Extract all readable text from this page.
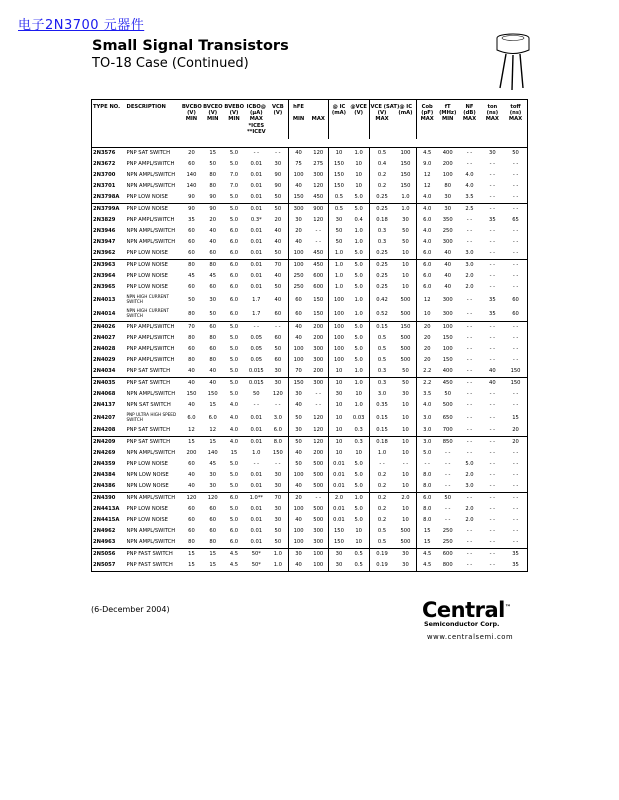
电子2N3700 元器件
Small Signal Transistors
TO-18 Case (Continued)
TYPE NO.	DESCRIPTION	BVCBO	BVCEO	BVEBO	ICBO@	VCB	hFE		@ IC	@VCE	VCE (SAT)@ IC		Cob	fT	NF	ton	toff
		(V)	(V)	(V)	(µA)	(V)			(mA)	(V)	(V)	(mA)	(pF)	(MHz)	(dB)	(ns)	(ns)
		MIN	MIN	MIN	MAX
*ICES
**ICEV		MIN	MAX			MAX		MAX	MIN	MAX	MAX	MAX

2N3576	PNP SAT SWITCH	20	15	5.0	- -	- -	40	120	10	1.0	0.5	100	4.5	400	- -	30	50
2N3672	PNP AMPL/SWITCH	60	50	5.0	0.01	30	75	275	150	10	0.4	150	9.0	200	- -	- -	- -
2N3700	NPN AMPL/SWITCH	140	80	7.0	0.01	90	100	300	150	10	0.2	150	12	100	4.0	- -	- -
2N3701	NPN AMPL/SWITCH	140	80	7.0	0.01	90	40	120	150	10	0.2	150	12	80	4.0	- -	- -
2N3798A	PNP LOW NOISE	90	90	5.0	0.01	50	150	450	0.5	5.0	0.25	1.0	4.0	30	3.5	- -	- -
2N3799A	PNP LOW NOISE	90	90	5.0	0.01	50	300	900	0.5	5.0	0.25	1.0	4.0	30	2.5	- -	- -
2N3829	PNP AMPL/SWITCH	35	20	5.0	0.3*	20	30	120	30	0.4	0.18	30	6.0	350	- -	35	65
2N3946	NPN AMPL/SWITCH	60	40	6.0	0.01	40	20	- -	50	1.0	0.3	50	4.0	250	- -	- -	- -
2N3947	NPN AMPL/SWITCH	60	40	6.0	0.01	40	40	- -	50	1.0	0.3	50	4.0	300	- -	- -	- -
2N3962	PNP LOW NOISE	60	60	6.0	0.01	50	100	450	1.0	5.0	0.25	10	6.0	40	3.0	- -	- -
2N3963	PNP LOW NOISE	80	80	6.0	0.01	70	100	450	1.0	5.0	0.25	10	6.0	40	3.0	- -	- -
2N3964	PNP LOW NOISE	45	45	6.0	0.01	40	250	600	1.0	5.0	0.25	10	6.0	40	2.0	- -	- -
2N3965	PNP LOW NOISE	60	60	6.0	0.01	50	250	600	1.0	5.0	0.25	10	6.0	40	2.0	- -	- -
2N4013	NPN HIGH CURRENT SWITCH	50	30	6.0	1.7	40	60	150	100	1.0	0.42	500	12	300	- -	35	60
2N4014	NPN HIGH CURRENT SWITCH	80	50	6.0	1.7	60	60	150	100	1.0	0.52	500	10	300	- -	35	60
2N4026	PNP AMPL/SWITCH	70	60	5.0	- -	- -	40	200	100	5.0	0.15	150	20	100	- -	- -	- -
2N4027	PNP AMPL/SWITCH	80	80	5.0	0.05	60	40	200	100	5.0	0.5	500	20	150	- -	- -	- -
2N4028	PNP AMPL/SWITCH	60	60	5.0	0.05	50	100	300	100	5.0	0.5	500	20	100	- -	- -	- -
2N4029	PNP AMPL/SWITCH	80	80	5.0	0.05	60	100	300	100	5.0	0.5	500	20	150	- -	- -	- -
2N4034	PNP SAT SWITCH	40	40	5.0	0.015	30	70	200	10	1.0	0.3	50	2.2	400	- -	40	150
2N4035	PNP SAT SWITCH	40	40	5.0	0.015	30	150	300	10	1.0	0.3	50	2.2	450	- -	40	150
2N4068	NPN AMPL/SWITCH	150	150	5.0	50	120	30	- -	30	10	3.0	30	3.5	50	- -	- -	- -
2N4137	NPN SAT SWITCH	40	15	4.0	- -	- -	40	- -	10	1.0	0.35	10	4.0	500	- -	- -	- -
2N4207	PNP ULTRA HIGH SPEED SWITCH	6.0	6.0	4.0	0.01	3.0	50	120	10	0.03	0.15	10	3.0	650	- -	- -	15
2N4208	PNP SAT SWITCH	12	12	4.0	0.01	6.0	30	120	10	0.3	0.15	10	3.0	700	- -	- -	20
2N4209	PNP SAT SWITCH	15	15	4.0	0.01	8.0	50	120	10	0.3	0.18	10	3.0	850	- -	- -	20
2N4269	NPN AMPL/SWITCH	200	140	15	1.0	150	40	200	10	10	1.0	10	5.0	- -	- -	- -	- -
2N4359	PNP LOW NOISE	60	45	5.0	- -	- -	50	500	0.01	5.0	- -	- -	- -	- -	5.0	- -	- -
2N4384	NPN LOW NOISE	40	30	5.0	0.01	30	100	500	0.01	5.0	0.2	10	8.0	- -	2.0	- -	- -
2N4386	NPN LOW NOISE	40	30	5.0	0.01	30	40	500	0.01	5.0	0.2	10	8.0	- -	3.0	- -	- -
2N4390	NPN AMPL/SWITCH	120	120	6.0	1.0**	70	20	- -	2.0	1.0	0.2	2.0	6.0	50	- -	- -	- -
2N4413A	PNP LOW NOISE	60	60	5.0	0.01	30	100	500	0.01	5.0	0.2	10	8.0	- -	2.0	- -	- -
2N4415A	PNP LOW NOISE	60	60	5.0	0.01	30	40	500	0.01	5.0	0.2	10	8.0	- -	2.0	- -	- -
2N4962	NPN AMPL/SWITCH	60	60	6.0	0.01	50	100	300	150	10	0.5	500	15	250	- -	- -	- -
2N4963	NPN AMPL/SWITCH	80	80	6.0	0.01	50	100	300	150	10	0.5	500	15	250	- -	- -	- -
2N5056	PNP FAST SWITCH	15	15	4.5	50*	1.0	30	100	30	0.5	0.19	30	4.5	600	- -	- -	35
2N5057	PNP FAST SWITCH	15	15	4.5	50*	1.0	40	100	30	0.5	0.19	30	4.5	800	- -	- -	35
(6-December 2004)	Central™
Semiconductor Corp.
www.centralsemi.com
